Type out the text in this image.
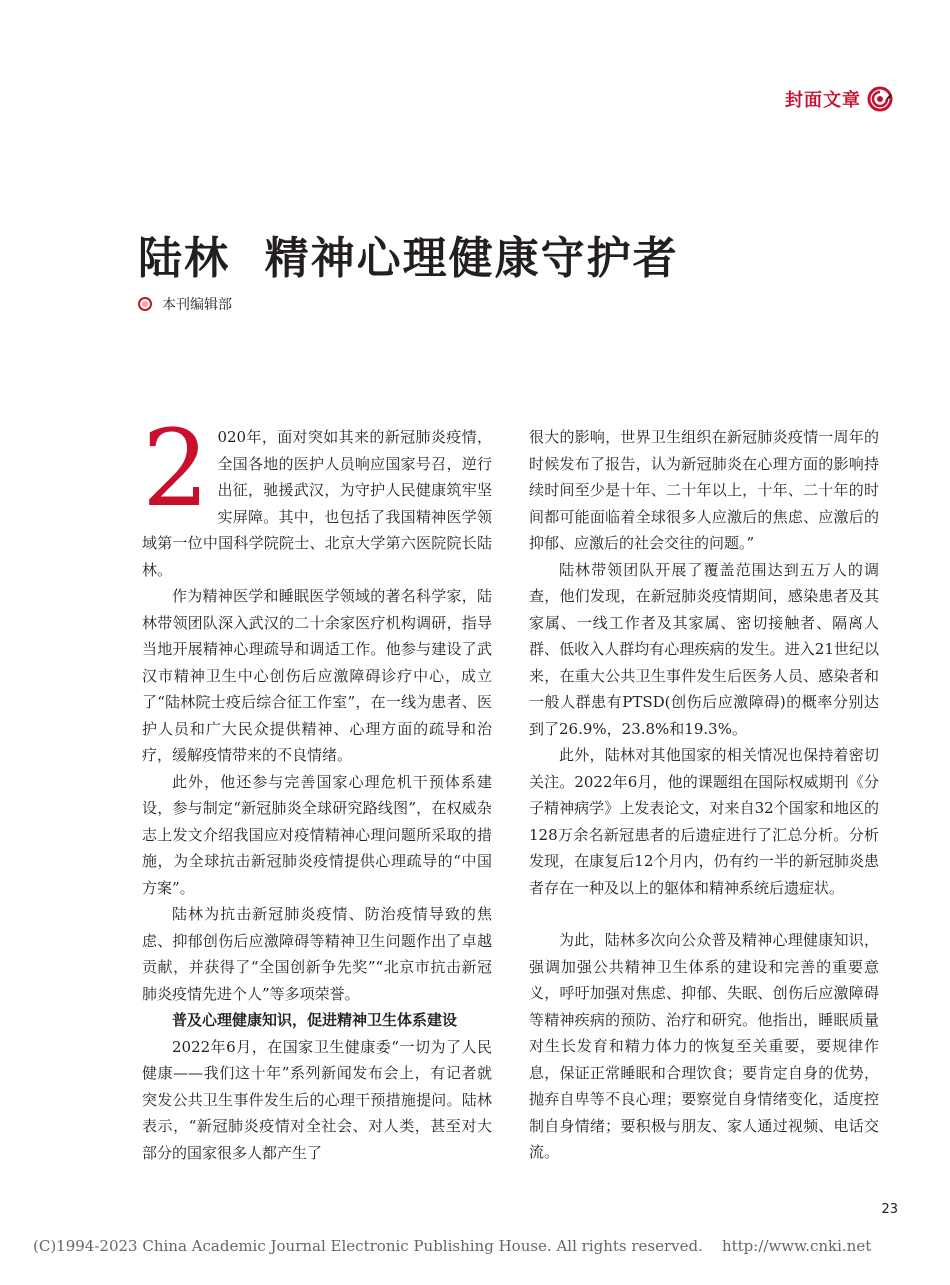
封面文章
陆林  精神心理健康守护者
本刊编辑部

2 020年，面对突如其来的新冠肺炎疫情，全国各地的医护人员响应国家号召，逆行出征，驰援武汉，为守护人民健康筑牢坚实屏障。其中，也包括了我国精神医学领域第一位中国科学院院士、北京大学第六医院院长陆林。

作为精神医学和睡眠医学领域的著名科学家，陆林带领团队深入武汉的二十余家医疗机构调研，指导当地开展精神心理疏导和调适工作。他参与建设了武汉市精神卫生中心创伤后应激障碍诊疗中心，成立了“陆林院士疫后综合征工作室”，在一线为患者、医护人员和广大民众提供精神、心理方面的疏导和治疗，缓解疫情带来的不良情绪。

此外，他还参与完善国家心理危机干预体系建设，参与制定“新冠肺炎全球研究路线图”，在权威杂志上发文介绍我国应对疫情精神心理问题所采取的措施，为全球抗击新冠肺炎疫情提供心理疏导的“中国方案”。

陆林为抗击新冠肺炎疫情、防治疫情导致的焦虑、抑郁创伤后应激障碍等精神卫生问题作出了卓越贡献，并获得了“全国创新争先奖”“北京市抗击新冠肺炎疫情先进个人”等多项荣誉。

普及心理健康知识，促进精神卫生体系建设

2022年6月，在国家卫生健康委“一切为了人民健康——我们这十年”系列新闻发布会上，有记者就突发公共卫生事件发生后的心理干预措施提问。陆林表示，“新冠肺炎疫情对全社会、对人类，甚至对大部分的国家很多人都产生了

很大的影响，世界卫生组织在新冠肺炎疫情一周年的时候发布了报告，认为新冠肺炎在心理方面的影响持续时间至少是十年、二十年以上，十年、二十年的时间都可能面临着全球很多人应激后的焦虑、应激后的抑郁、应激后的社会交往的问题。”

陆林带领团队开展了覆盖范围达到五万人的调查，他们发现，在新冠肺炎疫情期间，感染患者及其家属、一线工作者及其家属、密切接触者、隔离人群、低收入人群均有心理疾病的发生。进入21世纪以来，在重大公共卫生事件发生后医务人员、感染者和一般人群患有PTSD(创伤后应激障碍)的概率分别达到了26.9%，23.8%和19.3%。

此外，陆林对其他国家的相关情况也保持着密切关注。2022年6月，他的课题组在国际权威期刊《分子精神病学》上发表论文，对来自32个国家和地区的128万余名新冠患者的后遗症进行了汇总分析。分析发现，在康复后12个月内，仍有约一半的新冠肺炎患者存在一种及以上的躯体和精神系统后遗症状。

为此，陆林多次向公众普及精神心理健康知识，强调加强公共精神卫生体系的建设和完善的重要意义，呼吁加强对焦虑、抑郁、失眠、创伤后应激障碍等精神疾病的预防、治疗和研究。他指出，睡眠质量对生长发育和精力体力的恢复至关重要，要规律作息，保证正常睡眠和合理饮食；要肯定自身的优势，抛弃自卑等不良心理；要察觉自身情绪变化，适度控制自身情绪；要积极与朋友、家人通过视频、电话交流。

23
(C)1994-2023 China Academic Journal Electronic Publishing House. All rights reserved.    http://www.cnki.net
